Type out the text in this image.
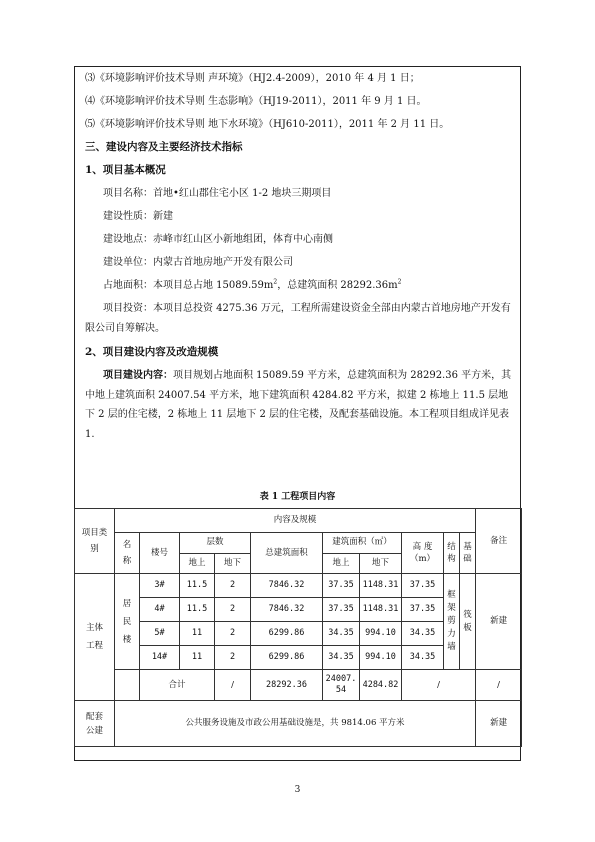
⑶《环境影响评价技术导则 声环境》（HJ2.4-2009），2010 年 4 月 1 日；
⑷《环境影响评价技术导则 生态影响》（HJ19-2011），2011 年 9 月 1 日。
⑸《环境影响评价技术导则 地下水环境》（HJ610-2011），2011 年 2 月 11 日。
三、建设内容及主要经济技术指标
1、项目基本概况
项目名称：首地•红山郡住宅小区 1-2 地块三期项目
建设性质：新建
建设地点：赤峰市红山区小新地组团，体育中心南侧
建设单位：内蒙古首地房地产开发有限公司
占地面积：本项目总占地 $15089.59m^2$，总建筑面积 $28292.36m^2$
项目投资：本项目总投资 4275.36 万元，工程所需建设资金全部由内蒙古首地房地产开发有限公司自筹解决。
2、项目建设内容及改造规模
项目建设内容：项目规划占地面积 15089.59 平方米，总建筑面积为 28292.36 平方米，其中地上建筑面积 24007.54 平方米，地下建筑面积 4284.82 平方米，拟建 2 栋地上 11.5 层地下 2 层的住宅楼，2 栋地上 11 层地下 2 层的住宅楼，及配套基础设施。本工程项目组成详见表 1.
表 1 工程项目内容
项目类别	内容及规模										备注
	名称	楼号	层数		总建筑面积	建筑面积（㎡）		高 度（m）	结构	基础	
			地上	地下		地上	地下				
主体工程	居民楼	3#	11.5	2	7846.32	37.35	1148.31	37.35	框架剪力墙	筏板	新建
		4#	11.5	2	7846.32	37.35	1148.31	37.35			
		5#	11	2	6299.86	34.35	994.10	34.35			
		14#	11	2	6299.86	34.35	994.10	34.35			
		合计		/	28292.36	24007.54	4284.82	/			/
配套公建	公共服务设施及市政公用基础设施是，共 9814.06 平方米										新建
3
